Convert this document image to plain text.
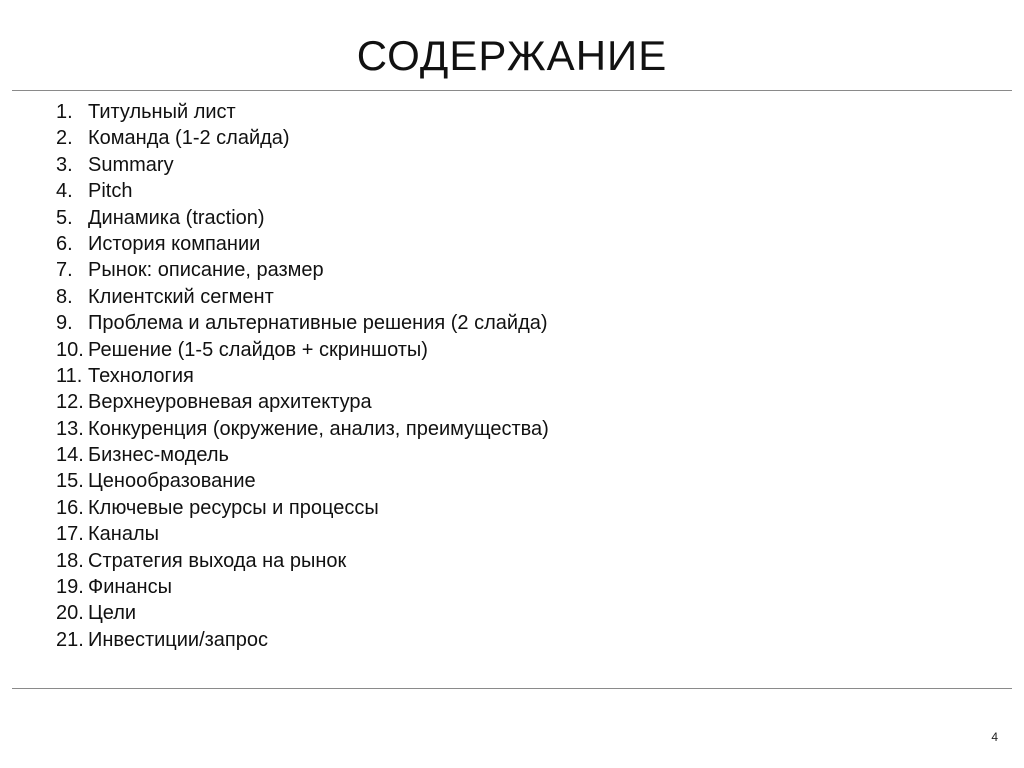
СОДЕРЖАНИЕ
1. Титульный лист
2. Команда (1-2 слайда)
3. Summary
4. Pitch
5. Динамика (traction)
6. История компании
7. Рынок: описание, размер
8. Клиентский сегмент
9. Проблема и альтернативные решения (2 слайда)
10. Решение (1-5 слайдов + скриншоты)
11. Технология
12. Верхнеуровневая архитектура
13. Конкуренция (окружение, анализ, преимущества)
14. Бизнес-модель
15. Ценообразование
16. Ключевые ресурсы и процессы
17. Каналы
18. Стратегия выхода на рынок
19. Финансы
20. Цели
21. Инвестиции/запрос
4
